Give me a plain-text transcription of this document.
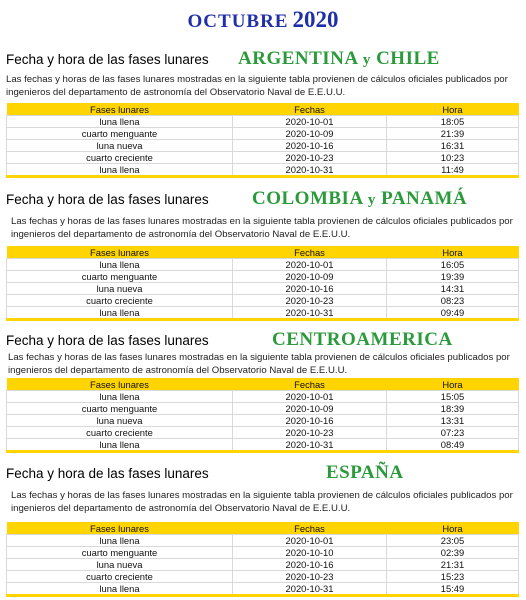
OCTUBRE 2020
Fecha y hora de las fases lunares ARGENTINA y CHILE
Las fechas y horas de las fases lunares mostradas en la siguiente tabla provienen de cálculos oficiales publicados por ingenieros del departamento de astronomía del Observatorio Naval de E.E.U.U.
Fases lunares	Fechas	Hora
luna llena	2020-10-01	18:05
cuarto menguante	2020-10-09	21:39
luna nueva	2020-10-16	16:31
cuarto creciente	2020-10-23	10:23
luna llena	2020-10-31	11:49
Fecha y hora de las fases lunares COLOMBIA y PANAMÁ
Las fechas y horas de las fases lunares mostradas en la siguiente tabla provienen de cálculos oficiales publicados por ingenieros del departamento de astronomía del Observatorio Naval de E.E.U.U.
Fases lunares	Fechas	Hora
luna llena	2020-10-01	16:05
cuarto menguante	2020-10-09	19:39
luna nueva	2020-10-16	14:31
cuarto creciente	2020-10-23	08:23
luna llena	2020-10-31	09:49
Fecha y hora de las fases lunares	CENTROAMERICA
Las fechas y horas de las fases lunares mostradas en la siguiente tabla provienen de cálculos oficiales publicados por ingenieros del departamento de astronomía del Observatorio Naval de E.E.U.U.
Fases lunares	Fechas	Hora
luna llena	2020-10-01	15:05
cuarto menguante	2020-10-09	18:39
luna nueva	2020-10-16	13:31
cuarto creciente	2020-10-23	07:23
luna llena	2020-10-31	08:49
Fecha y hora de las fases lunares	ESPAÑA
Las fechas y horas de las fases lunares mostradas en la siguiente tabla provienen de cálculos oficiales publicados por ingenieros del departamento de astronomía del Observatorio Naval de E.E.U.U.
Fases lunares	Fechas	Hora
luna llena	2020-10-01	23:05
cuarto menguante	2020-10-10	02:39
luna nueva	2020-10-16	21:31
cuarto creciente	2020-10-23	15:23
luna llena	2020-10-31	15:49
